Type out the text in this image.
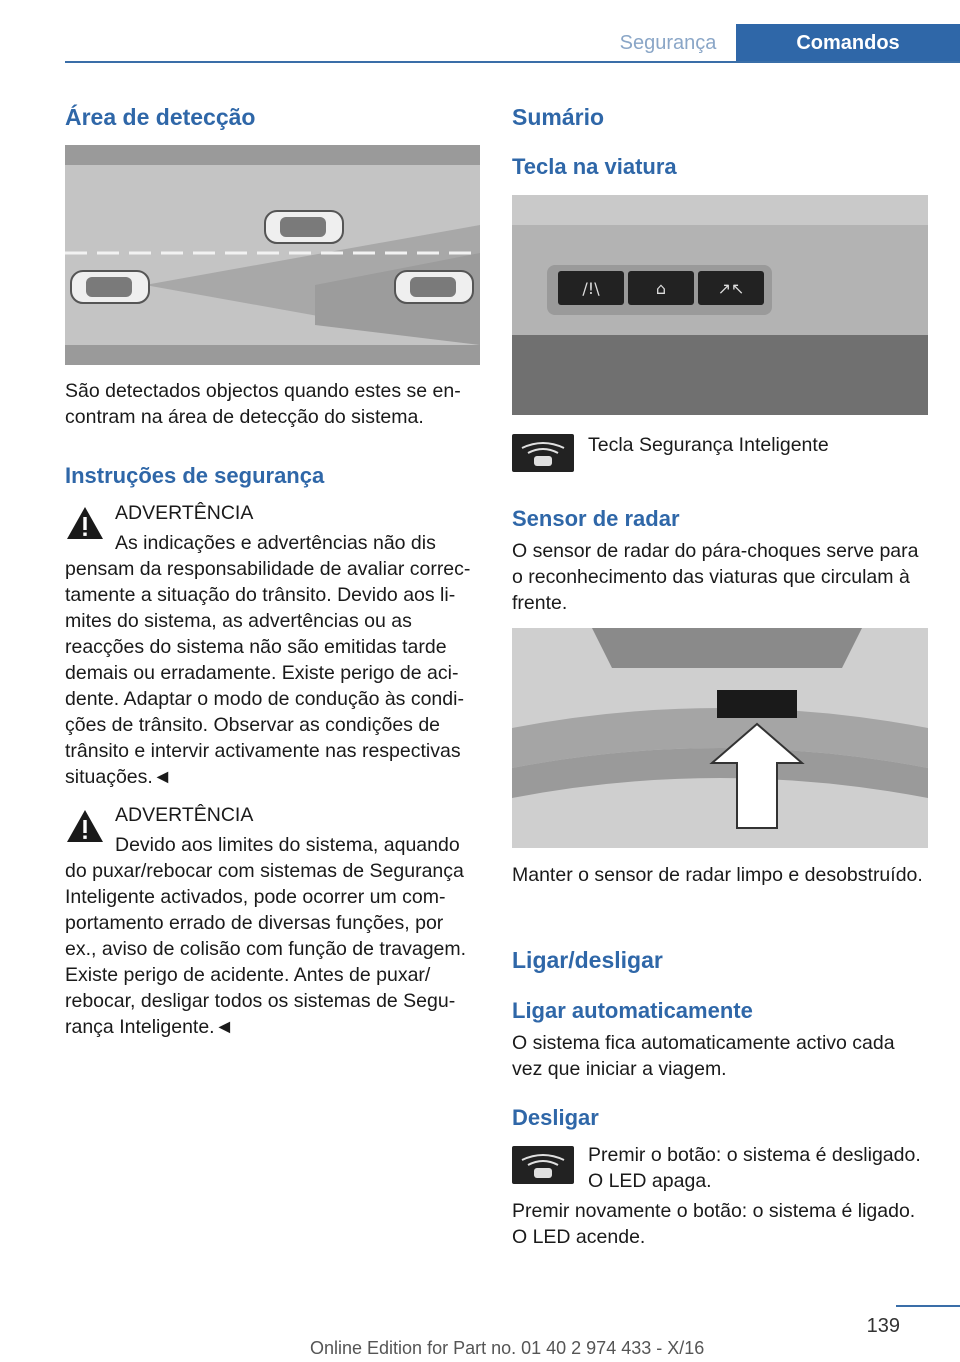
Segurança	Comandos
Área de detecção

São detectados objectos quando estes se encontram na área de detecção do sistema.

Instruções de segurança

ADVERTÊNCIA

As indicações e advertências não dis

pensam da responsabilidade de avaliar correctamente a situação do trânsito. Devido aos limites do sistema, as advertências ou as reacções do sistema não são emitidas tarde demais ou erradamente. Existe perigo de acidente. Adaptar o modo de condução às condições de trânsito. Observar as condições de trânsito e intervir activamente nas respectivas situações.◄

ADVERTÊNCIA

Devido aos limites do sistema, aquando

do puxar/rebocar com sistemas de Segurança Inteligente activados, pode ocorrer um comportamento errado de diversas funções, por ex., aviso de colisão com função de travagem. Existe perigo de acidente. Antes de puxar/ rebocar, desligar todos os sistemas de Segurança Inteligente.◄

Sumário
Tecla na viatura
/!\	⌂	↗↖

Tecla Segurança Inteligente

Sensor de radar

O sensor de radar do pára-choques serve para o reconhecimento das viaturas que circulam à frente.

Manter o sensor de radar limpo e desobstruído.

Ligar/desligar
Ligar automaticamente

O sistema fica automaticamente activo cada vez que iniciar a viagem.

Desligar

Premir o botão: o sistema é desligado. O LED apaga.

Premir novamente o botão: o sistema é ligado. O LED acende.

139
Online Edition for Part no. 01 40 2 974 433 - X/16
